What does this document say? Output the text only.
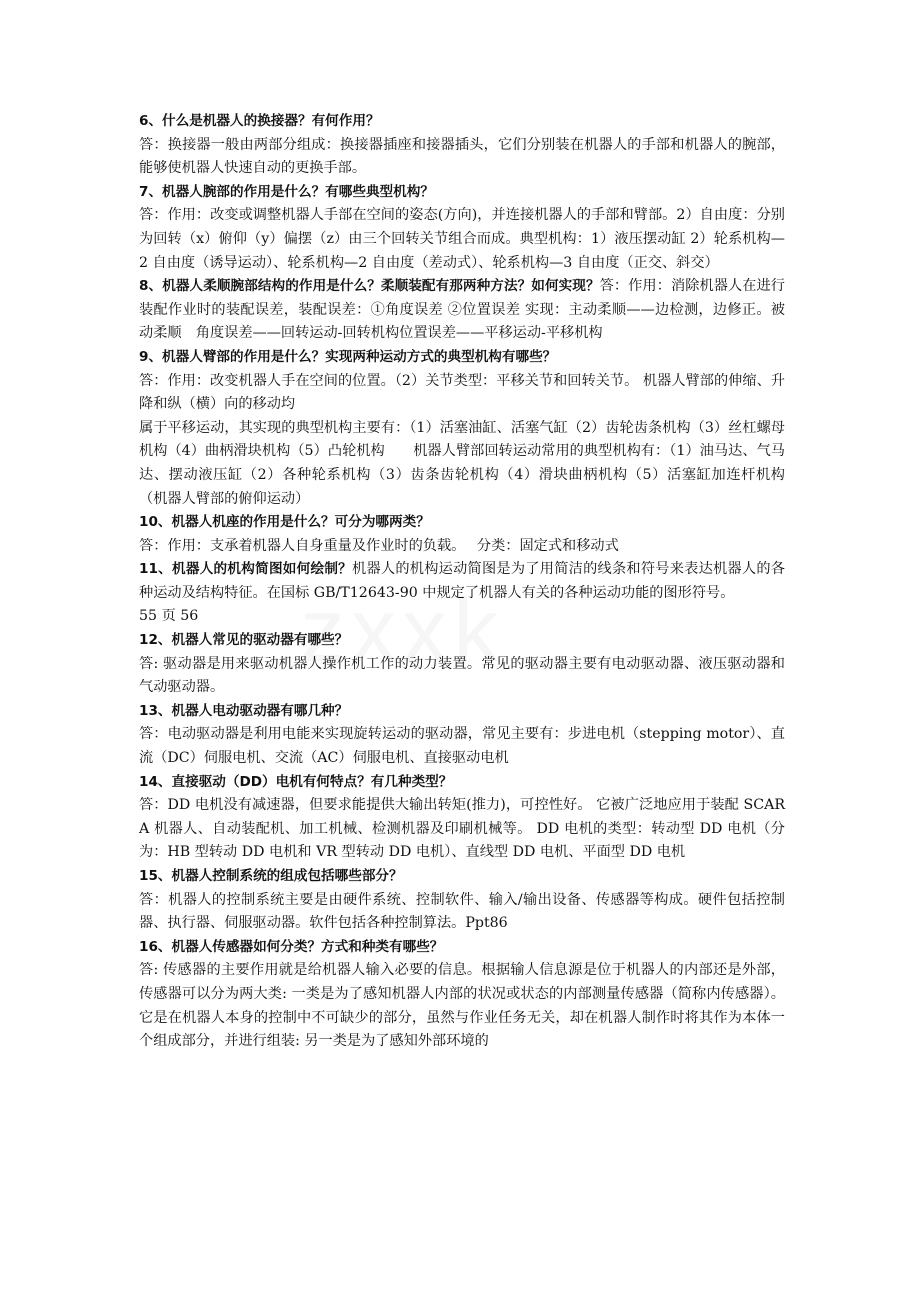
6、什么是机器人的换接器？有何作用？

答：换接器一般由两部分组成：换接器插座和接器插头，它们分别装在机器人的手部和机器人的腕部，能够使机器人快速自动的更换手部。

7、机器人腕部的作用是什么？有哪些典型机构？

答：作用：改变或调整机器人手部在空间的姿态(方向)，并连接机器人的手部和臂部。2）自由度：分别为回转（x）俯仰（y）偏摆（z）由三个回转关节组合而成。典型机构：1）液压摆动缸 2）轮系机构—2 自由度（诱导运动）、轮系机构—2 自由度（差动式）、轮系机构—3 自由度（正交、斜交）

8、机器人柔顺腕部结构的作用是什么？柔顺装配有那两种方法？如何实现？答：作用：消除机器人在进行装配作业时的装配误差，装配误差：①角度误差 ②位置误差 实现：主动柔顺——边检测，边修正。被动柔顺　角度误差——回转运动-回转机构位置误差——平移运动-平移机构

9、机器人臂部的作用是什么？实现两种运动方式的典型机构有哪些？

答：作用：改变机器人手在空间的位置。（2）关节类型：平移关节和回转关节。 机器人臂部的伸缩、升降和纵（横）向的移动均

属于平移运动，其实现的典型机构主要有：（1）活塞油缸、活塞气缸（2）齿轮齿条机构（3）丝杠螺母机构（4）曲柄滑块机构（5）凸轮机构　　机器人臂部回转运动常用的典型机构有：（1）油马达、气马达、摆动液压缸（2）各种轮系机构（3）齿条齿轮机构（4）滑块曲柄机构（5）活塞缸加连杆机构（机器人臂部的俯仰运动）

10、机器人机座的作用是什么？可分为哪两类？

答：作用：支承着机器人自身重量及作业时的负载。　 分类：固定式和移动式

11、机器人的机构简图如何绘制？机器人的机构运动简图是为了用简洁的线条和符号来表达机器人的各种运动及结构特征。在国标 GB/T12643-90 中规定了机器人有关的各种运动功能的图形符号。

55 页 56

12、机器人常见的驱动器有哪些？

答: 驱动器是用来驱动机器人操作机工作的动力装置。常见的驱动器主要有电动驱动器、液压驱动器和气动驱动器。

13、机器人电动驱动器有哪几种？

答：电动驱动器是利用电能来实现旋转运动的驱动器，常见主要有：步进电机（stepping motor）、直流（DC）伺服电机、交流（AC）伺服电机、直接驱动电机

14、直接驱动（DD）电机有何特点？有几种类型？

答：DD 电机没有减速器，但要求能提供大输出转矩(推力)，可控性好。 它被广泛地应用于装配 SCARA 机器人、自动装配机、加工机械、检测机器及印刷机械等。 DD 电机的类型：转动型 DD 电机（分为：HB 型转动 DD 电机和 VR 型转动 DD 电机）、直线型 DD 电机、平面型 DD 电机

15、机器人控制系统的组成包括哪些部分？

答：机器人的控制系统主要是由硬件系统、控制软件、输入/输出设备、传感器等构成。硬件包括控制器、执行器、伺服驱动器。软件包括各种控制算法。Ppt86

16、机器人传感器如何分类？方式和种类有哪些？

答: 传感器的主要作用就是给机器人输入必要的信息。根据输人信息源是位于机器人的内部还是外部，传感器可以分为两大类: 一类是为了感知机器人内部的状况或状态的内部测量传感器（简称内传感器）。它是在机器人本身的控制中不可缺少的部分，虽然与作业任务无关，却在机器人制作时将其作为本体一个组成部分，并进行组装: 另一类是为了感知外部环境的
